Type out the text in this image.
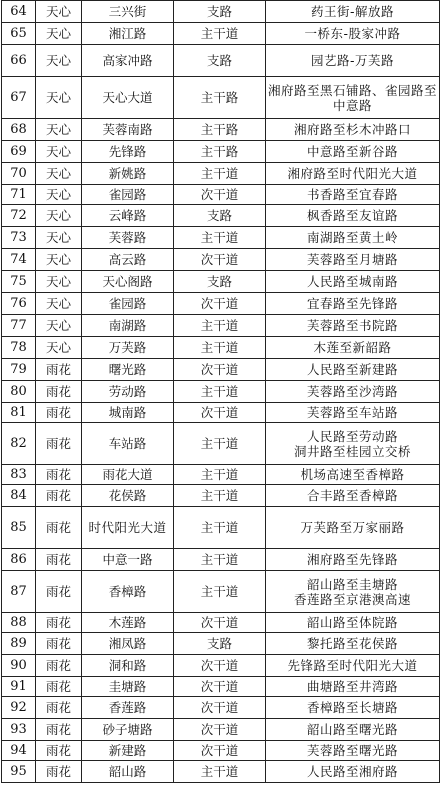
64	天心	三兴街	支路	药王街-解放路
65	天心	湘江路	主干道	一桥东-股家冲路
66	天心	高家冲路	支路	园艺路-万芙路
67	天心	天心大道	主干路	湘府路至黑石铺路、雀园路至中意路
68	天心	芙蓉南路	主干路	湘府路至杉木冲路口
69	天心	先锋路	主干路	中意路至新谷路
70	天心	新姚路	主干道	湘府路至时代阳光大道
71	天心	雀园路	次干道	书香路至宜春路
72	天心	云峰路	支路	枫香路至友谊路
73	天心	芙蓉路	主干道	南湖路至黄土岭
74	天心	高云路	次干道	芙蓉路至月塘路
75	天心	天心阁路	支路	人民路至城南路
76	天心	雀园路	次干道	宜春路至先锋路
77	天心	南湖路	主干道	芙蓉路至书院路
78	天心	万芙路	主干道	木莲至新韶路
79	雨花	曙光路	次干道	人民路至新建路
80	雨花	劳动路	主干道	芙蓉路至沙湾路
81	雨花	城南路	次干道	芙蓉路至车站路
82	雨花	车站路	主干道	人民路至劳动路
洞井路至桂园立交桥
83	雨花	雨花大道	主干道	机场高速至香樟路
84	雨花	花侯路	主干道	合丰路至香樟路
85	雨花	时代阳光大道	主干道	万芙路至万家丽路
86	雨花	中意一路	主干道	湘府路至先锋路
87	雨花	香樟路	主干道	韶山路至圭塘路
香莲路至京港澳高速
88	雨花	木莲路	次干道	韶山路至体院路
89	雨花	湘凤路	支路	黎托路至花侯路
90	雨花	洞和路	次干道	先锋路至时代阳光大道
91	雨花	圭塘路	次干道	曲塘路至井湾路
92	雨花	香莲路	次干道	香樟路至长塘路
93	雨花	砂子塘路	次干道	韶山路至曙光路
94	雨花	新建路	次干道	芙蓉路至曙光路
95	雨花	韶山路	主干道	人民路至湘府路
